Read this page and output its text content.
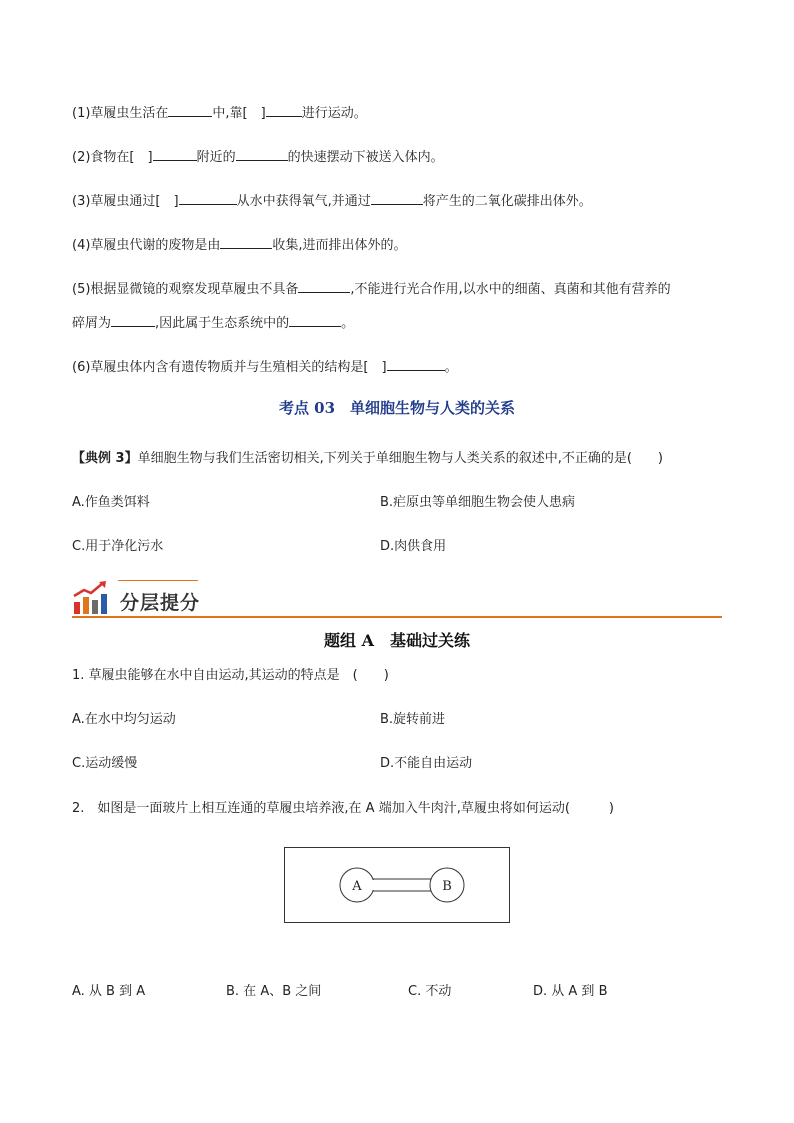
(1)草履虫生活在	中,靠[　 ]	进行运动。
(2)食物在[　 ]	附近的	的快速摆动下被送入体内。
(3)草履虫通过[　 ]	从水中获得氧气,并通过	将产生的二氧化碳排出体外。
(4)草履虫代谢的废物是由	收集,进而排出体外的。
(5)根据显微镜的观察发现草履虫不具备	,不能进行光合作用,以水中的细菌、真菌和其他有营养的
碎屑为	,因此属于生态系统中的	。
(6)草履虫体内含有遗传物质并与生殖相关的结构是[　 ]	。
考点 03　单细胞生物与人类的关系
【典例 3】单细胞生物与我们生活密切相关,下列关于单细胞生物与人类关系的叙述中,不正确的是(　　)
A.作鱼类饵料	B.疟原虫等单细胞生物会使人患病
C.用于净化污水	D.肉供食用
分层提分
题组 A　基础过关练
1. 草履虫能够在水中自由运动,其运动的特点是　(　　)
A.在水中均匀运动	B.旋转前进
C.运动缓慢	D.不能自由运动
2.　如图是一面玻片上相互连通的草履虫培养液,在 A 端加入牛肉汁,草履虫将如何运动(　　　)
A	B
A. 从 B 到 A	B. 在 A、B 之间	C. 不动	D. 从 A 到 B
